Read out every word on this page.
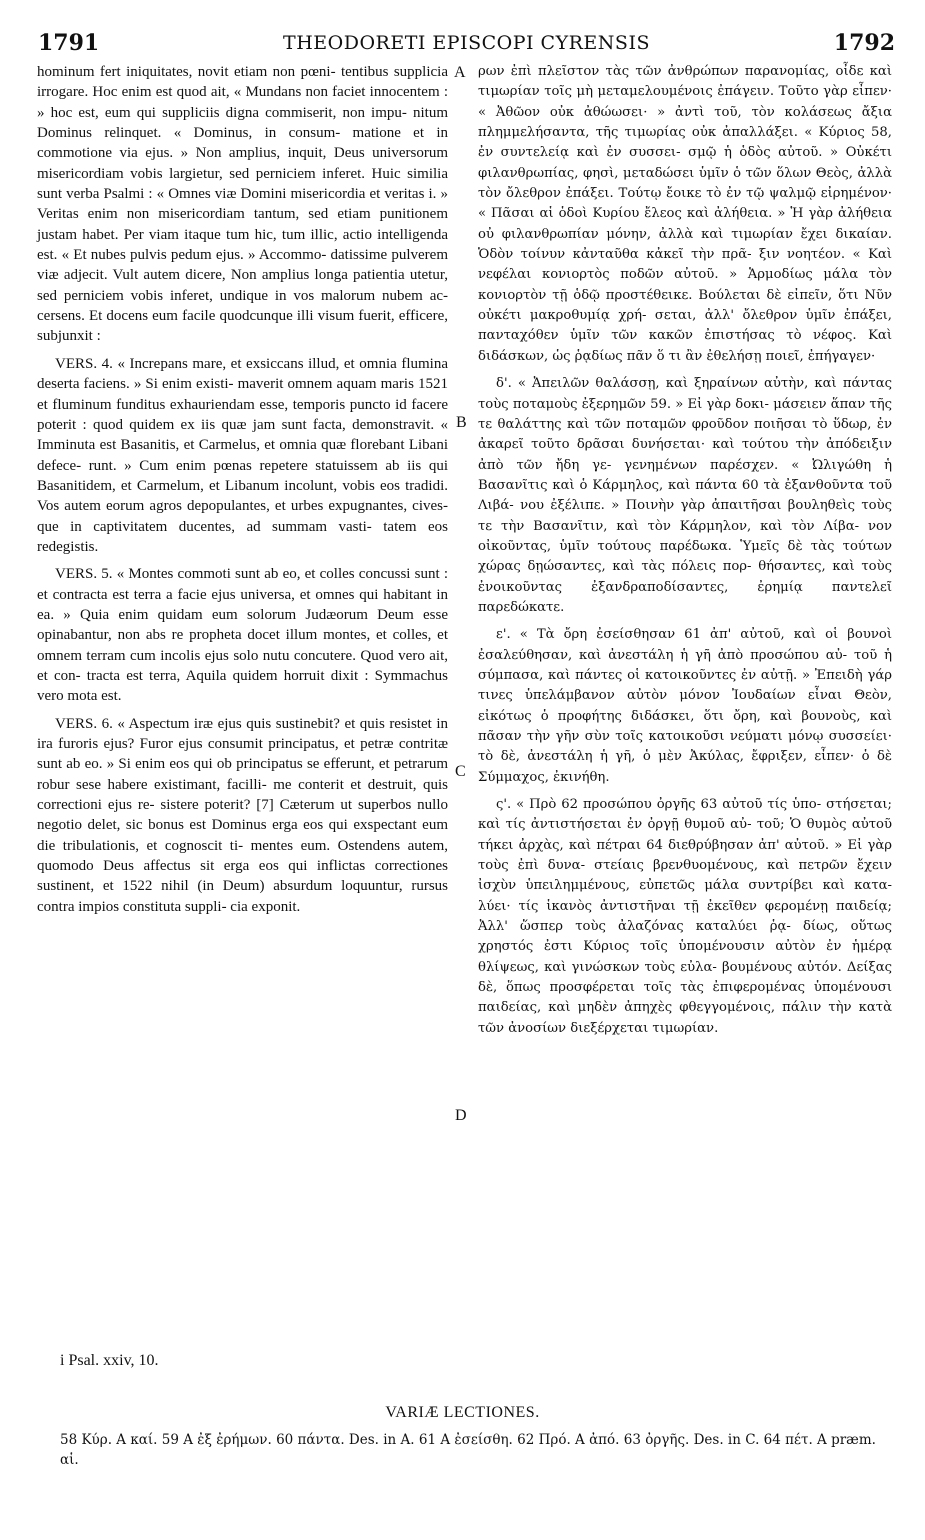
1791	THEODORETI EPISCOPI CYRENSIS	1792

hominum fert iniquitates, novit etiam non pœni- tentibus supplicia irrogare. Hoc enim est quod ait, « Mundans non faciet innocentem : » hoc est, eum qui suppliciis digna commiserit, non impu- nitum Dominus relinquet. « Dominus, in consum- matione et in commotione via ejus. » Non amplius, inquit, Deus universorum misericordiam vobis largietur, sed perniciem inferet. Huic similia sunt verba Psalmi : « Omnes viæ Domini misericordia et veritas i. » Veritas enim non misericordiam tantum, sed etiam punitionem justam habet. Per viam itaque tum hic, tum illic, actio intelligenda est. « Et nubes pulvis pedum ejus. » Accommo- datissime pulverem viæ adjecit. Vult autem dicere, Non amplius longa patientia utetur, sed perniciem vobis inferet, undique in vos malorum nubem ac- cersens. Et docens eum facile quodcunque illi visum fuerit, efficere, subjunxit :

VERS. 4. « Increpans mare, et exsiccans illud, et omnia flumina deserta faciens. » Si enim existi- maverit omnem aquam maris 1521 et fluminum funditus exhauriendam esse, temporis puncto id facere poterit : quod quidem ex iis quæ jam sunt facta, demonstravit. « Imminuta est Basanitis, et Carmelus, et omnia quæ florebant Libani defece- runt. » Cum enim pœnas repetere statuissem ab iis qui Basanitidem, et Carmelum, et Libanum incolunt, vobis eos tradidi. Vos autem eorum agros depopulantes, et urbes expugnantes, cives- que in captivitatem ducentes, ad summam vasti- tatem eos redegistis.

VERS. 5. « Montes commoti sunt ab eo, et colles concussi sunt : et contracta est terra a facie ejus universa, et omnes qui habitant in ea. » Quia enim quidam eum solorum Judæorum Deum esse opinabantur, non abs re propheta docet illum montes, et colles, et omnem terram cum incolis ejus solo nutu concutere. Quod vero ait, et con- tracta est terra, Aquila quidem horruit dixit : Symmachus vero mota est.

VERS. 6. « Aspectum iræ ejus quis sustinebit? et quis resistet in ira furoris ejus? Furor ejus consumit principatus, et petræ contritæ sunt ab eo. » Si enim eos qui ob principatus se efferunt, et petrarum robur sese habere existimant, facilli- me conterit et destruit, quis correctioni ejus re- sistere poterit? [7] Cæterum ut superbos nullo negotio delet, sic bonus est Dominus erga eos qui exspectant eum die tribulationis, et cognoscit ti- mentes eum. Ostendens autem, quomodo Deus affectus sit erga eos qui inflictas correctiones sustinent, et 1522 nihil (in Deum) absurdum loquuntur, rursus contra impios constituta suppli- cia exponit.

A
B
C
D

ρων ἐπὶ πλεῖστον τὰς τῶν ἀνθρώπων παρανομίας, οἶδε καὶ τιμωρίαν τοῖς μὴ μεταμελουμένοις ἐπάγειν. Τοῦτο γὰρ εἶπεν· « Ἀθῶον οὐκ ἀθώωσει· » ἀντὶ τοῦ, τὸν κολάσεως ἄξια πλημμελήσαντα, τῆς τιμωρίας οὐκ ἀπαλλάξει. « Κύριος 58, ἐν συντελείᾳ καὶ ἐν συσσει- σμῷ ἡ ὁδὸς αὐτοῦ. » Οὐκέτι φιλανθρωπίας, φησὶ, μεταδώσει ὑμῖν ὁ τῶν ὅλων Θεὸς, ἀλλὰ τὸν ὄλεθρον ἐπάξει. Τούτῳ ἔοικε τὸ ἐν τῷ ψαλμῷ εἰρημένον· « Πᾶσαι αἱ ὁδοὶ Κυρίου ἔλεος καὶ ἀλήθεια. » Ἡ γὰρ ἀλήθεια οὐ φιλανθρωπίαν μόνην, ἀλλὰ καὶ τιμωρίαν ἔχει δικαίαν. Ὁδὸν τοίνυν κἀνταῦθα κἀκεῖ τὴν πρᾶ- ξιν νοητέον. « Καὶ νεφέλαι κονιορτὸς ποδῶν αὐτοῦ. » Ἁρμοδίως μάλα τὸν κονιορτὸν τῇ ὁδῷ προστέθεικε. Βούλεται δὲ εἰπεῖν, ὅτι Νῦν οὐκέτι μακροθυμίᾳ χρή- σεται, ἀλλ' ὄλεθρον ὑμῖν ἐπάξει, πανταχόθεν ὑμῖν τῶν κακῶν ἐπιστήσας τὸ νέφος. Καὶ διδάσκων, ὡς ῥᾳδίως πᾶν ὅ τι ἂν ἐθελήσῃ ποιεῖ, ἐπήγαγεν·

δ'. « Ἀπειλῶν θαλάσσῃ, καὶ ξηραίνων αὐτὴν, καὶ πάντας τοὺς ποταμοὺς ἐξερημῶν 59. » Εἰ γὰρ δοκι- μάσειεν ἅπαν τῆς τε θαλάττης καὶ τῶν ποταμῶν φροῦδον ποιῆσαι τὸ ὕδωρ, ἐν ἀκαρεῖ τοῦτο δρᾶσαι δυνήσεται· καὶ τούτου τὴν ἀπόδειξιν ἀπὸ τῶν ἤδη γε- γενημένων παρέσχεν. « Ὠλιγώθη ἡ Βασανῖτις καὶ ὁ Κάρμηλος, καὶ πάντα 60 τὰ ἐξανθοῦντα τοῦ Λιβά- νου ἐξέλιπε. » Ποινὴν γὰρ ἀπαιτῆσαι βουληθεὶς τοὺς τε τὴν Βασανῖτιν, καὶ τὸν Κάρμηλον, καὶ τὸν Λίβα- νον οἰκοῦντας, ὑμῖν τούτους παρέδωκα. Ὑμεῖς δὲ τὰς τούτων χώρας δῃώσαντες, καὶ τὰς πόλεις πορ- θήσαντες, καὶ τοὺς ἐνοικοῦντας ἐξανδραποδίσαντες, ἐρημίᾳ παντελεῖ παρεδώκατε.

ε'. « Τὰ ὄρη ἐσείσθησαν 61 ἀπ' αὐτοῦ, καὶ οἱ βουνοὶ ἐσαλεύθησαν, καὶ ἀνεστάλη ἡ γῆ ἀπὸ προσώπου αὐ- τοῦ ἡ σύμπασα, καὶ πάντες οἱ κατοικοῦντες ἐν αὐτῇ. » Ἐπειδὴ γάρ τινες ὑπελάμβανον αὐτὸν μόνον Ἰουδαίων εἶναι Θεὸν, εἰκότως ὁ προφήτης διδάσκει, ὅτι ὄρη, καὶ βουνοὺς, καὶ πᾶσαν τὴν γῆν σὺν τοῖς κατοικοῦσι νεύματι μόνῳ συσσείει· τὸ δὲ, ἀνεστάλη ἡ γῆ, ὁ μὲν Ἀκύλας, ἔφριξεν, εἶπεν· ὁ δὲ Σύμμαχος, ἐκινήθη.

ς'. « Πρὸ 62 προσώπου ὀργῆς 63 αὐτοῦ τίς ὑπο- στήσεται; καὶ τίς ἀντιστήσεται ἐν ὀργῇ θυμοῦ αὐ- τοῦ; Ὁ θυμὸς αὐτοῦ τήκει ἀρχὰς, καὶ πέτραι 64 διεθρύβησαν ἀπ' αὐτοῦ. » Εἰ γὰρ τοὺς ἐπὶ δυνα- στείαις βρενθυομένους, καὶ πετρῶν ἔχειν ἰσχὺν ὑπειλημμένους, εὐπετῶς μάλα συντρίβει καὶ κατα- λύει· τίς ἱκανὸς ἀντιστῆναι τῇ ἐκεῖθεν φερομένῃ παιδείᾳ; Ἀλλ' ὥσπερ τοὺς ἀλαζόνας καταλύει ῥᾳ- δίως, οὕτως χρηστός ἐστι Κύριος τοῖς ὑπομένουσιν αὐτὸν ἐν ἡμέρᾳ θλίψεως, καὶ γινώσκων τοὺς εὐλα- βουμένους αὐτόν. Δείξας δὲ, ὅπως προσφέρεται τοῖς τὰς ἐπιφερομένας ὑπομένουσι παιδείας, καὶ μηδὲν ἀπηχὲς φθεγγομένοις, πάλιν τὴν κατὰ τῶν ἀνοσίων διεξέρχεται τιμωρίαν.

i Psal. xxiv, 10.
VARIÆ LECTIONES.
58 Κύρ. A καί. 59 A ἐξ ἐρήμων. 60 πάντα. Des. in A. 61 A ἐσείσθη. 62 Πρό. A ἀπό. 63 ὀργῆς. Des. in C. 64 πέτ. A præm. αἱ.
